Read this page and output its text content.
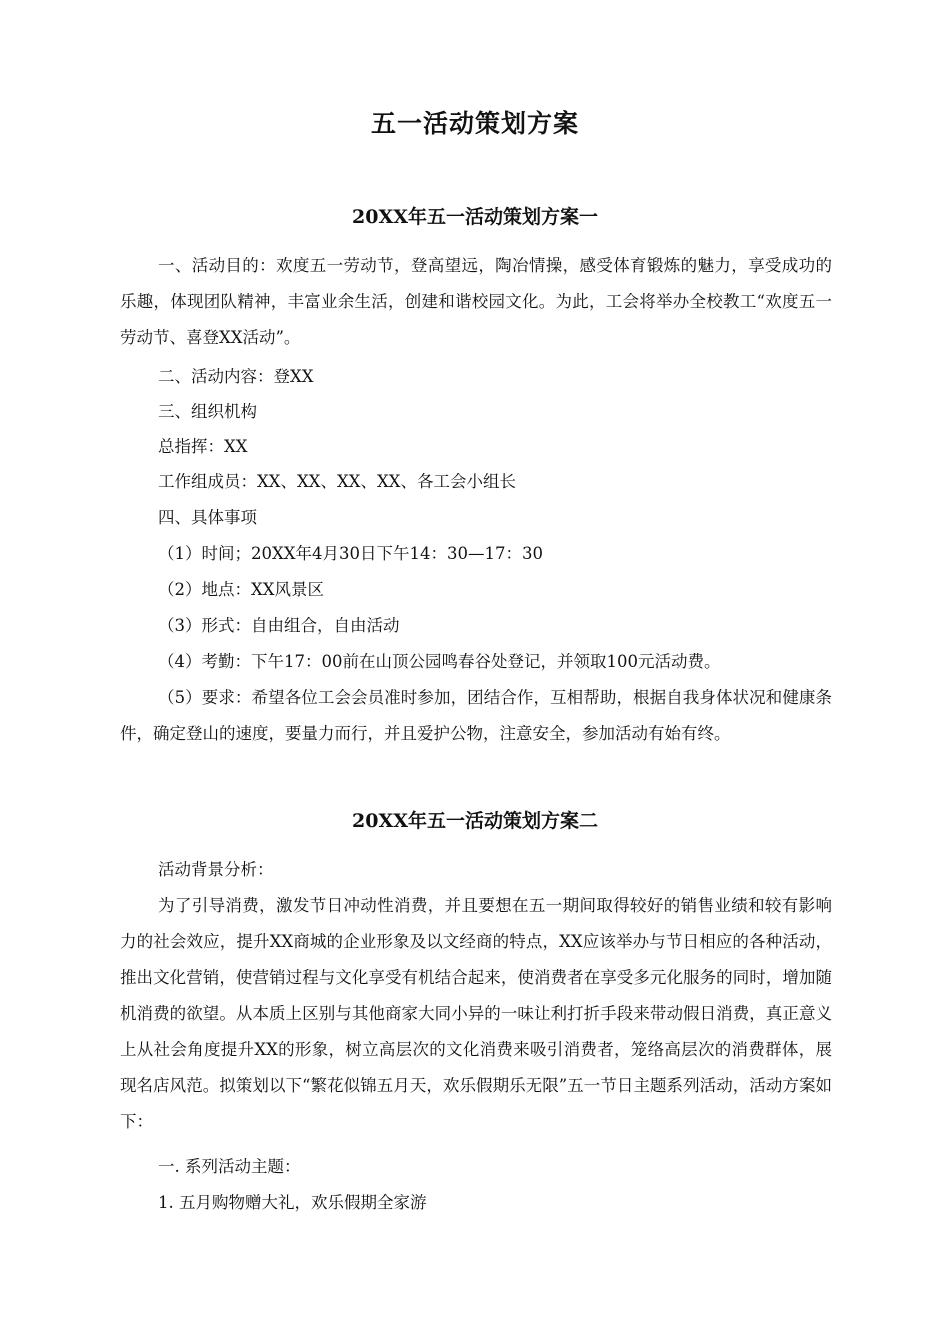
五一活动策划方案
20XX年五一活动策划方案一

一、活动目的：欢度五一劳动节，登高望远，陶冶情操，感受体育锻炼的魅力，享受成功的乐趣，体现团队精神，丰富业余生活，创建和谐校园文化。为此，工会将举办全校教工“欢度五一劳动节、喜登XX活动”。

二、活动内容：登XX
三、组织机构
总指挥：XX
工作组成员：XX、XX、XX、XX、各工会小组长
四、具体事项
（1）时间；20XX年4月30日下午14：30—17：30
（2）地点：XX风景区
（3）形式：自由组合，自由活动
（4）考勤：下午17：00前在山顶公园鸣春谷处登记，并领取100元活动费。

（5）要求：希望各位工会会员准时参加，团结合作，互相帮助，根据自我身体状况和健康条件，确定登山的速度，要量力而行，并且爱护公物，注意安全，参加活动有始有终。

20XX年五一活动策划方案二
活动背景分析：

为了引导消费，激发节日冲动性消费，并且要想在五一期间取得较好的销售业绩和较有影响力的社会效应，提升XX商城的企业形象及以文经商的特点，XX应该举办与节日相应的各种活动，推出文化营销，使营销过程与文化享受有机结合起来，使消费者在享受多元化服务的同时，增加随机消费的欲望。从本质上区别与其他商家大同小异的一味让利打折手段来带动假日消费，真正意义上从社会角度提升XX的形象，树立高层次的文化消费来吸引消费者，笼络高层次的消费群体，展现名店风范。拟策划以下“繁花似锦五月天，欢乐假期乐无限”五一节日主题系列活动，活动方案如下：

一. 系列活动主题：
1. 五月购物赠大礼，欢乐假期全家游
